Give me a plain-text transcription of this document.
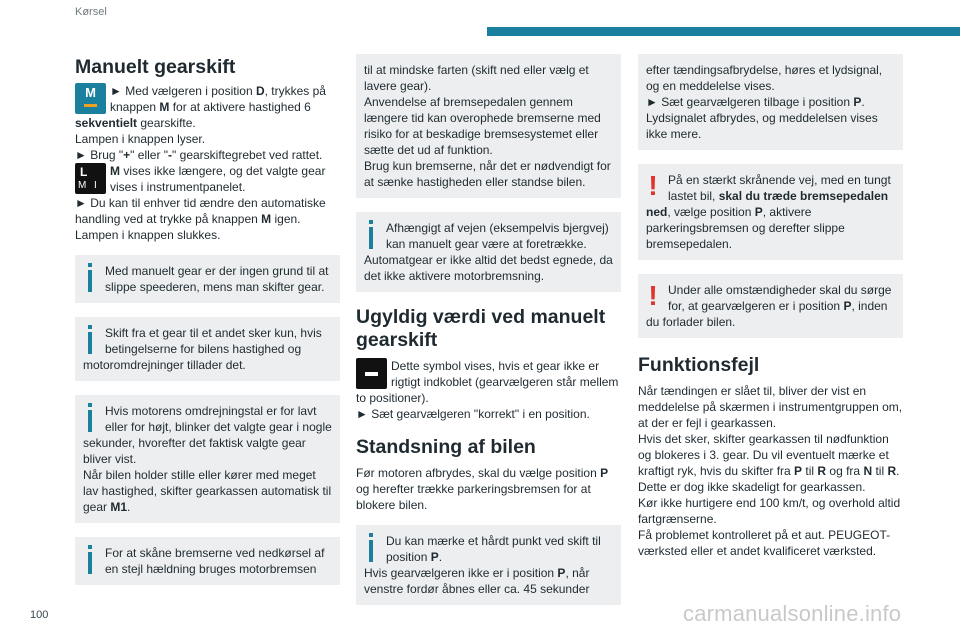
Kørsel
Manuelt gearskift
M	► Med vælgeren i position D, trykkes på knappen M for at aktivere hastighed 6 sekventielt gearskifte.
Lampen i knappen lyser.
► Brug "+" eller "-" gearskiftegrebet ved rattet.
L
M I
M vises ikke længere, og det valgte gear vises i instrumentpanelet.
► Du kan til enhver tid ændre den automatiske handling ved at trykke på knappen M igen.
Lampen i knappen slukkes.
Med manuelt gear er der ingen grund til at slippe speederen, mens man skifter gear.
Skift fra et gear til et andet sker kun, hvis betingelserne for bilens hastighed og motoromdrejninger tillader det.
Hvis motorens omdrejningstal er for lavt eller for højt, blinker det valgte gear i nogle sekunder, hvorefter det faktisk valgte gear bliver vist.
Når bilen holder stille eller kører med meget lav hastighed, skifter gearkassen automatisk til gear M1.
For at skåne bremserne ved nedkørsel af en stejl hældning bruges motorbremsen
til at mindske farten (skift ned eller vælg et lavere gear).
Anvendelse af bremsepedalen gennem længere tid kan overophede bremserne med risiko for at beskadige bremsesystemet eller sætte det ud af funktion.
Brug kun bremserne, når det er nødvendigt for at sænke hastigheden eller standse bilen.
Afhængigt af vejen (eksempelvis bjergvej) kan manuelt gear være at foretrække.
Automatgear er ikke altid det bedst egnede, da det ikke aktivere motorbremsning.
Ugyldig værdi ved manuelt gearskift
Dette symbol vises, hvis et gear ikke er rigtigt indkoblet (gearvælgeren står mellem to positioner).
► Sæt gearvælgeren "korrekt" i en position.
Standsning af bilen
Før motoren afbrydes, skal du vælge position P og herefter trække parkeringsbremsen for at blokere bilen.
Du kan mærke et hårdt punkt ved skift til position P.
Hvis gearvælgeren ikke er i position P, når venstre fordør åbnes eller ca. 45 sekunder
efter tændingsafbrydelse, høres et lydsignal, og en meddelelse vises.
► Sæt gearvælgeren tilbage i position P.
Lydsignalet afbrydes, og meddelelsen vises ikke mere.
! På en stærkt skrånende vej, med en tungt lastet bil, skal du træde bremsepedalen ned, vælge position P, aktivere parkeringsbremsen og derefter slippe bremsepedalen.
! Under alle omstændigheder skal du sørge for, at gearvælgeren er i position P, inden du forlader bilen.
Funktionsfejl
Når tændingen er slået til, bliver der vist en meddelelse på skærmen i instrumentgruppen om, at der er fejl i gearkassen.
Hvis det sker, skifter gearkassen til nødfunktion og blokeres i 3. gear. Du vil eventuelt mærke et kraftigt ryk, hvis du skifter fra P til R og fra N til R. Dette er dog ikke skadeligt for gearkassen.
Kør ikke hurtigere end 100 km/t, og overhold altid fartgrænserne.
Få problemet kontrolleret på et aut. PEUGEOT-værksted eller et andet kvalificeret værksted.
100	carmanualsonline.info
